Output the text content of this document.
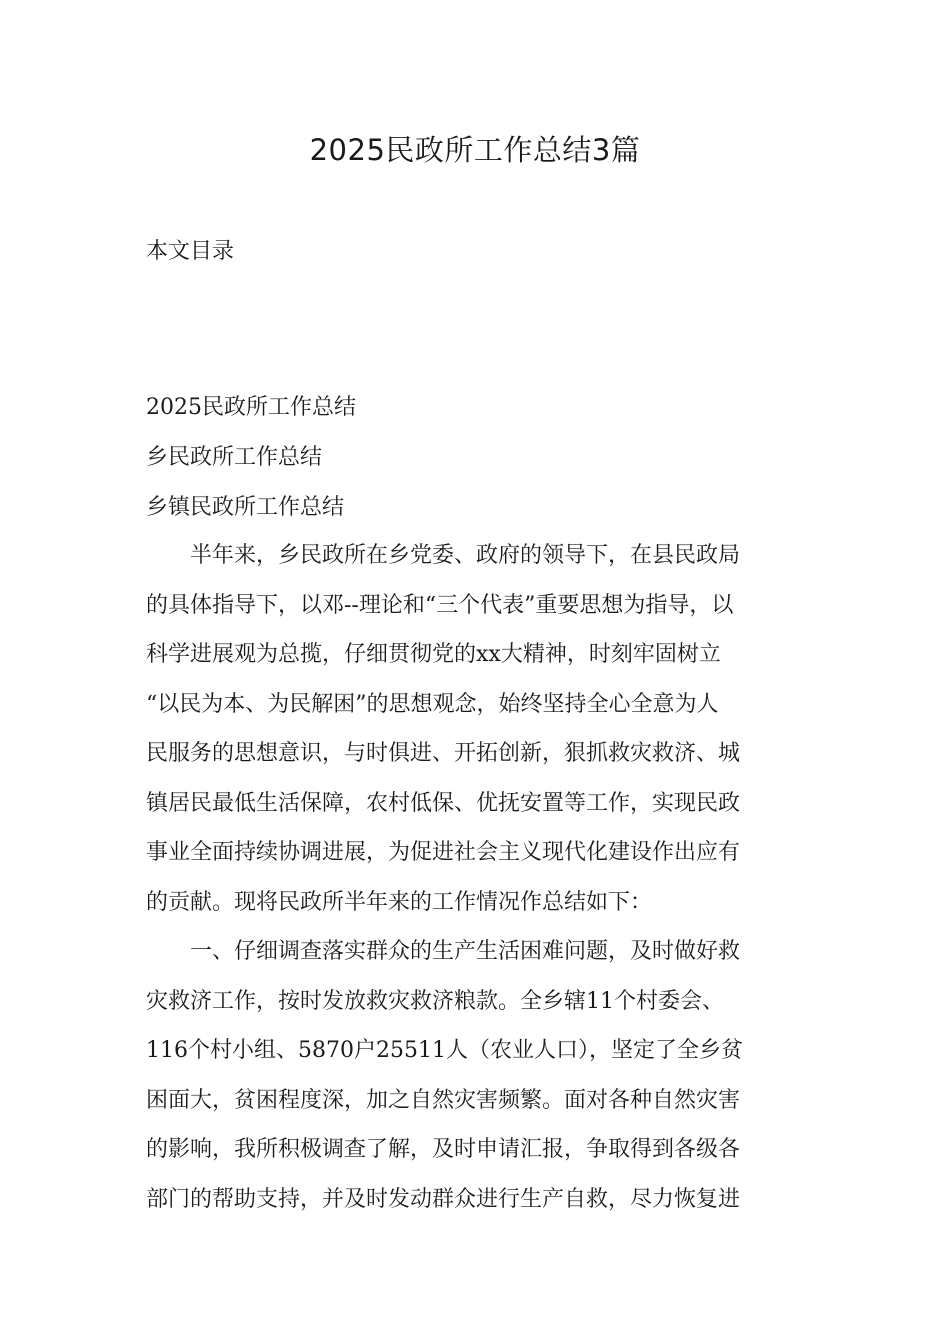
2025民政所工作总结3篇
本文目录
2025民政所工作总结
乡民政所工作总结
乡镇民政所工作总结
半年来，乡民政所在乡党委、政府的领导下，在县民政局
的具体指导下，以邓--理论和“三个代表”重要思想为指导，以
科学进展观为总揽，仔细贯彻党的xx大精神，时刻牢固树立
“以民为本、为民解困”的思想观念，始终坚持全心全意为人
民服务的思想意识，与时俱进、开拓创新，狠抓救灾救济、城
镇居民最低生活保障，农村低保、优抚安置等工作，实现民政
事业全面持续协调进展，为促进社会主义现代化建设作出应有
的贡献。现将民政所半年来的工作情况作总结如下：
一、仔细调查落实群众的生产生活困难问题，及时做好救
灾救济工作，按时发放救灾救济粮款。全乡辖11个村委会、
116个村小组、5870户25511人（农业人口），坚定了全乡贫
困面大，贫困程度深，加之自然灾害频繁。面对各种自然灾害
的影响，我所积极调查了解，及时申请汇报，争取得到各级各
部门的帮助支持，并及时发动群众进行生产自救，尽力恢复进
